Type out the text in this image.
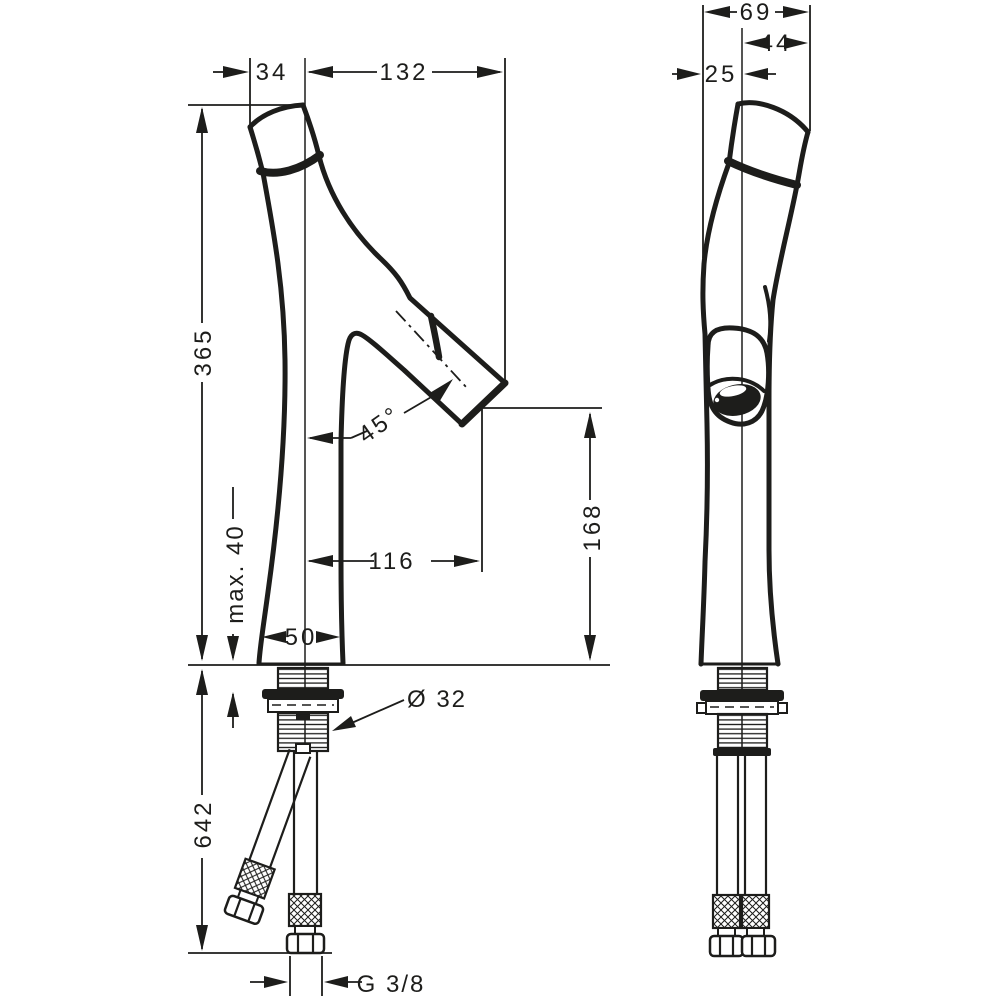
34	132
69
44
25
365
45°
168
116
max. 40
50
Ø 32
642
G 3/8
